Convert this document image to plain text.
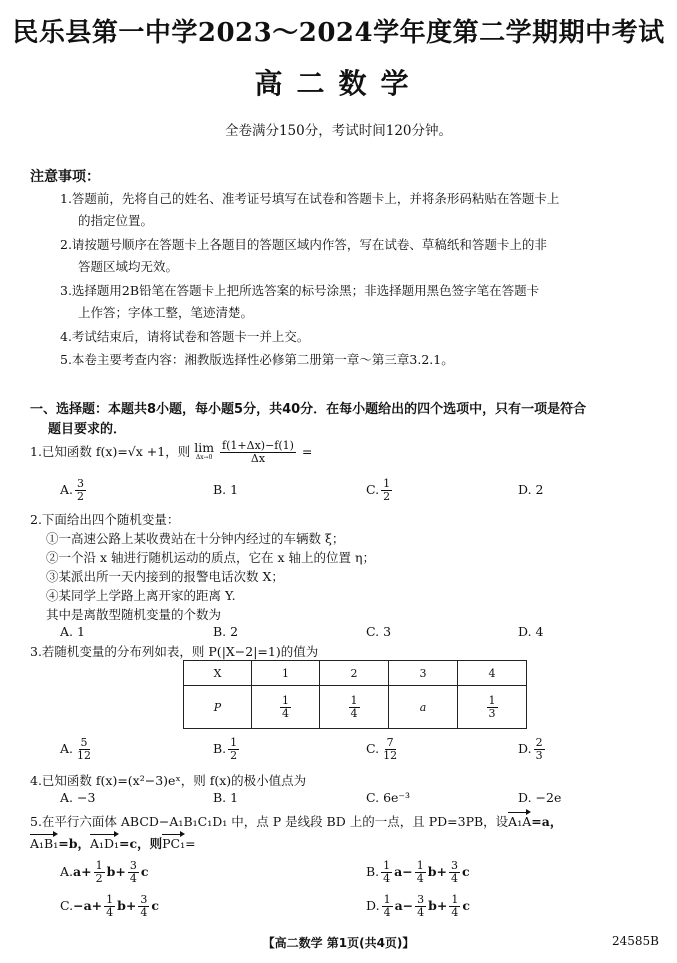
民乐县第一中学2023～2024学年度第二学期期中考试
高二数学
全卷满分150分，考试时间120分钟。
注意事项：
1.答题前，先将自己的姓名、准考证号填写在试卷和答题卡上，并将条形码粘贴在答题卡上
的指定位置。
2.请按题号顺序在答题卡上各题目的答题区域内作答，写在试卷、草稿纸和答题卡上的非
答题区域均无效。
3.选择题用2B铅笔在答题卡上把所选答案的标号涂黑；非选择题用黑色签字笔在答题卡
上作答；字体工整，笔迹清楚。
4.考试结束后，请将试卷和答题卡一并上交。
5.本卷主要考查内容：湘教版选择性必修第二册第一章～第三章3.2.1。
一、选择题：本题共8小题，每小题5分，共40分．在每小题给出的四个选项中，只有一项是符合
题目要求的．
1.已知函数 f(x)=√x +1，则 lim
Δx→0
$\frac{f(1+\Delta x)-f(1)}{\Delta x}$ =
A. $\frac{3}{2}$	B. 1	C. $\frac{1}{2}$	D. 2
2.下面给出四个随机变量：
①一高速公路上某收费站在十分钟内经过的车辆数 ξ；
②一个沿 x 轴进行随机运动的质点，它在 x 轴上的位置 η；
③某派出所一天内接到的报警电话次数 X；
④某同学上学路上离开家的距离 Y.
其中是离散型随机变量的个数为
A. 1	B. 2	C. 3	D. 4
3.若随机变量的分布列如表，则 P(|X−2|=1)的值为
X	1	2	3	4
P	$\frac{1}{4}$	$\frac{1}{4}$	a	$\frac{1}{3}$
A. $\frac{5}{12}$	B. $\frac{1}{2}$	C. $\frac{7}{12}$	D. $\frac{2}{3}$
4.已知函数 f(x)=(x²−3)eˣ，则 f(x)的极小值点为
A. −3	B. 1	C. 6e⁻³	D. −2e
5.在平行六面体 ABCD−A₁B₁C₁D₁ 中，点 P 是线段 BD 上的一点，且 PD=3PB，设A₁A=a，
A₁B₁=b，A₁D₁=c，则PC₁=
$A.a+ \frac{1}{2} b+ \frac{3}{4}$ c	B. $\frac{1}{4} a- \frac{1}{4} b+ \frac{3}{4}$ c
$C.-a+ \frac{1}{4} b+ \frac{3}{4}$ c	D. $\frac{1}{4} a- \frac{3}{4} b+ \frac{1}{4}$ c
【高二数学 第1页(共4页)】	24585B
